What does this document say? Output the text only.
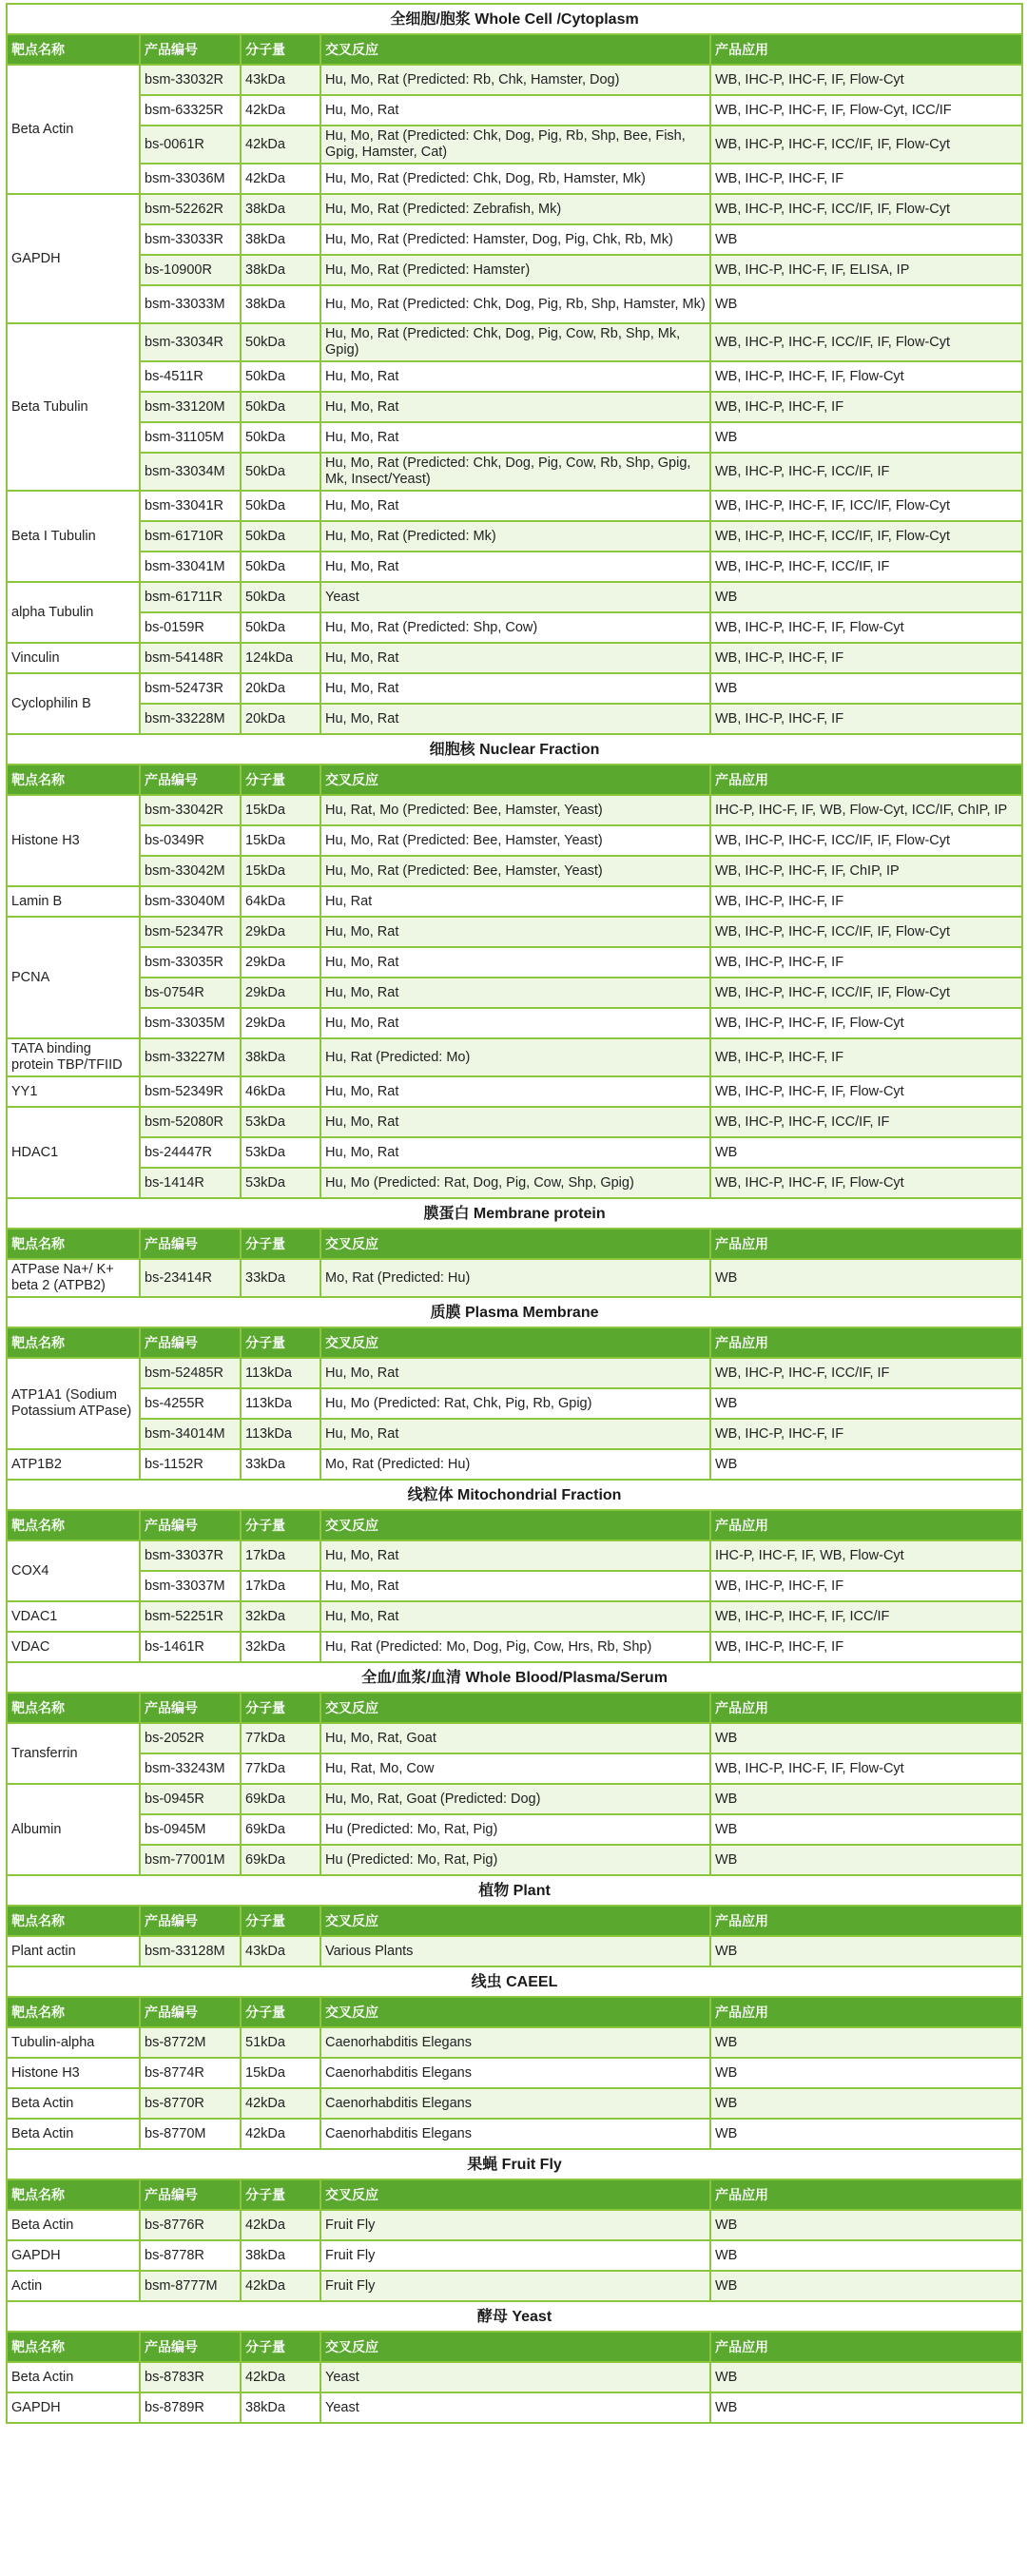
全细胞/胞浆 Whole Cell /Cytoplasm				
靶点名称	产品编号	分子量	交叉反应	产品应用
Beta Actin	bsm-33032R	43kDa	Hu, Mo, Rat (Predicted: Rb, Chk, Hamster, Dog)	WB, IHC-P, IHC-F, IF, Flow-Cyt
	bsm-63325R	42kDa	Hu, Mo, Rat	WB, IHC-P, IHC-F, IF, Flow-Cyt, ICC/IF
	bs-0061R	42kDa	Hu, Mo, Rat (Predicted: Chk, Dog, Pig, Rb, Shp, Bee, Fish, Gpig, Hamster, Cat)	WB, IHC-P, IHC-F, ICC/IF, IF, Flow-Cyt
	bsm-33036M	42kDa	Hu, Mo, Rat (Predicted: Chk, Dog, Rb, Hamster, Mk)	WB, IHC-P, IHC-F, IF
GAPDH	bsm-52262R	38kDa	Hu, Mo, Rat (Predicted: Zebrafish, Mk)	WB, IHC-P, IHC-F, ICC/IF, IF, Flow-Cyt
	bsm-33033R	38kDa	Hu, Mo, Rat (Predicted: Hamster, Dog, Pig, Chk, Rb, Mk)	WB
	bs-10900R	38kDa	Hu, Mo, Rat (Predicted: Hamster)	WB, IHC-P, IHC-F, IF, ELISA, IP
	bsm-33033M	38kDa	Hu, Mo, Rat (Predicted: Chk, Dog, Pig, Rb, Shp, Hamster, Mk)	WB
Beta Tubulin	bsm-33034R	50kDa	Hu, Mo, Rat (Predicted: Chk, Dog, Pig, Cow, Rb, Shp, Mk, Gpig)	WB, IHC-P, IHC-F, ICC/IF, IF, Flow-Cyt
	bs-4511R	50kDa	Hu, Mo, Rat	WB, IHC-P, IHC-F, IF, Flow-Cyt
	bsm-33120M	50kDa	Hu, Mo, Rat	WB, IHC-P, IHC-F, IF
	bsm-31105M	50kDa	Hu, Mo, Rat	WB
	bsm-33034M	50kDa	Hu, Mo, Rat (Predicted: Chk, Dog, Pig, Cow, Rb, Shp, Gpig, Mk, Insect/Yeast)	WB, IHC-P, IHC-F, ICC/IF, IF
Beta I Tubulin	bsm-33041R	50kDa	Hu, Mo, Rat	WB, IHC-P, IHC-F, IF, ICC/IF, Flow-Cyt
	bsm-61710R	50kDa	Hu, Mo, Rat (Predicted: Mk)	WB, IHC-P, IHC-F, ICC/IF, IF, Flow-Cyt
	bsm-33041M	50kDa	Hu, Mo, Rat	WB, IHC-P, IHC-F, ICC/IF, IF
alpha Tubulin	bsm-61711R	50kDa	Yeast	WB
	bs-0159R	50kDa	Hu, Mo, Rat (Predicted: Shp, Cow)	WB, IHC-P, IHC-F, IF, Flow-Cyt
Vinculin	bsm-54148R	124kDa	Hu, Mo, Rat	WB, IHC-P, IHC-F, IF
Cyclophilin B	bsm-52473R	20kDa	Hu, Mo, Rat	WB
	bsm-33228M	20kDa	Hu, Mo, Rat	WB, IHC-P, IHC-F, IF
细胞核 Nuclear Fraction				
靶点名称	产品编号	分子量	交叉反应	产品应用
Histone H3	bsm-33042R	15kDa	Hu, Rat, Mo (Predicted: Bee, Hamster, Yeast)	IHC-P, IHC-F, IF, WB, Flow-Cyt, ICC/IF, ChIP, IP
	bs-0349R	15kDa	Hu, Mo, Rat (Predicted: Bee, Hamster, Yeast)	WB, IHC-P, IHC-F, ICC/IF, IF, Flow-Cyt
	bsm-33042M	15kDa	Hu, Mo, Rat (Predicted: Bee, Hamster, Yeast)	WB, IHC-P, IHC-F, IF, ChIP, IP
Lamin B	bsm-33040M	64kDa	Hu, Rat	WB, IHC-P, IHC-F, IF
PCNA	bsm-52347R	29kDa	Hu, Mo, Rat	WB, IHC-P, IHC-F, ICC/IF, IF, Flow-Cyt
	bsm-33035R	29kDa	Hu, Mo, Rat	WB, IHC-P, IHC-F, IF
	bs-0754R	29kDa	Hu, Mo, Rat	WB, IHC-P, IHC-F, ICC/IF, IF, Flow-Cyt
	bsm-33035M	29kDa	Hu, Mo, Rat	WB, IHC-P, IHC-F, IF, Flow-Cyt
TATA binding protein TBP/TFIID	bsm-33227M	38kDa	Hu, Rat (Predicted: Mo)	WB, IHC-P, IHC-F, IF
YY1	bsm-52349R	46kDa	Hu, Mo, Rat	WB, IHC-P, IHC-F, IF, Flow-Cyt
HDAC1	bsm-52080R	53kDa	Hu, Mo, Rat	WB, IHC-P, IHC-F, ICC/IF, IF
	bs-24447R	53kDa	Hu, Mo, Rat	WB
	bs-1414R	53kDa	Hu, Mo (Predicted: Rat, Dog, Pig, Cow, Shp, Gpig)	WB, IHC-P, IHC-F, IF, Flow-Cyt
膜蛋白 Membrane protein				
靶点名称	产品编号	分子量	交叉反应	产品应用
ATPase Na+/ K+ beta 2 (ATPB2)	bs-23414R	33kDa	Mo, Rat (Predicted: Hu)	WB
质膜 Plasma Membrane				
靶点名称	产品编号	分子量	交叉反应	产品应用
ATP1A1 (Sodium Potassium ATPase)	bsm-52485R	113kDa	Hu, Mo, Rat	WB, IHC-P, IHC-F, ICC/IF, IF
	bs-4255R	113kDa	Hu, Mo (Predicted: Rat, Chk, Pig, Rb, Gpig)	WB
	bsm-34014M	113kDa	Hu, Mo, Rat	WB, IHC-P, IHC-F, IF
ATP1B2	bs-1152R	33kDa	Mo, Rat (Predicted: Hu)	WB
线粒体 Mitochondrial Fraction				
靶点名称	产品编号	分子量	交叉反应	产品应用
COX4	bsm-33037R	17kDa	Hu, Mo, Rat	IHC-P, IHC-F, IF, WB, Flow-Cyt
	bsm-33037M	17kDa	Hu, Mo, Rat	WB, IHC-P, IHC-F, IF
VDAC1	bsm-52251R	32kDa	Hu, Mo, Rat	WB, IHC-P, IHC-F, IF, ICC/IF
VDAC	bs-1461R	32kDa	Hu, Rat (Predicted: Mo, Dog, Pig, Cow, Hrs, Rb, Shp)	WB, IHC-P, IHC-F, IF
全血/血浆/血清 Whole Blood/Plasma/Serum				
靶点名称	产品编号	分子量	交叉反应	产品应用
Transferrin	bs-2052R	77kDa	Hu, Mo, Rat, Goat	WB
	bsm-33243M	77kDa	Hu, Rat, Mo, Cow	WB, IHC-P, IHC-F, IF, Flow-Cyt
Albumin	bs-0945R	69kDa	Hu, Mo, Rat, Goat (Predicted: Dog)	WB
	bs-0945M	69kDa	Hu (Predicted: Mo, Rat, Pig)	WB
	bsm-77001M	69kDa	Hu (Predicted: Mo, Rat, Pig)	WB
植物 Plant				
靶点名称	产品编号	分子量	交叉反应	产品应用
Plant actin	bsm-33128M	43kDa	Various Plants	WB
线虫 CAEEL				
靶点名称	产品编号	分子量	交叉反应	产品应用
Tubulin-alpha	bs-8772M	51kDa	Caenorhabditis Elegans	WB
Histone H3	bs-8774R	15kDa	Caenorhabditis Elegans	WB
Beta Actin	bs-8770R	42kDa	Caenorhabditis Elegans	WB
Beta Actin	bs-8770M	42kDa	Caenorhabditis Elegans	WB
果蝇 Fruit Fly				
靶点名称	产品编号	分子量	交叉反应	产品应用
Beta Actin	bs-8776R	42kDa	Fruit Fly	WB
GAPDH	bs-8778R	38kDa	Fruit Fly	WB
Actin	bsm-8777M	42kDa	Fruit Fly	WB
酵母 Yeast				
靶点名称	产品编号	分子量	交叉反应	产品应用
Beta Actin	bs-8783R	42kDa	Yeast	WB
GAPDH	bs-8789R	38kDa	Yeast	WB
